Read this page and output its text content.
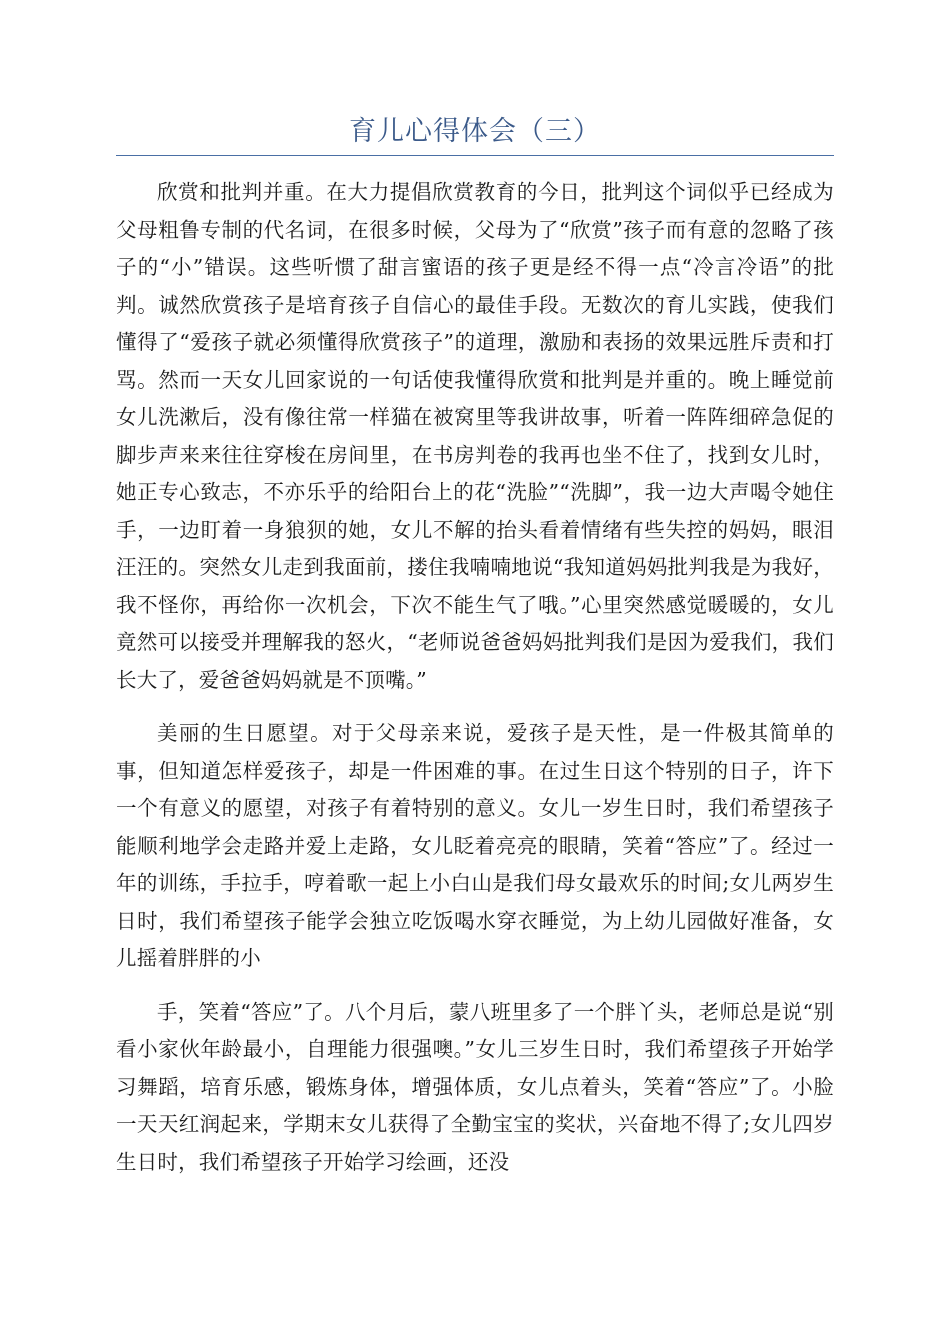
育儿心得体会（三）

欣赏和批判并重。在大力提倡欣赏教育的今日，批判这个词似乎已经成为父母粗鲁专制的代名词，在很多时候，父母为了“欣赏”孩子而有意的忽略了孩子的“小”错误。这些听惯了甜言蜜语的孩子更是经不得一点“冷言冷语”的批判。诚然欣赏孩子是培育孩子自信心的最佳手段。无数次的育儿实践，使我们懂得了“爱孩子就必须懂得欣赏孩子”的道理，激励和表扬的效果远胜斥责和打骂。然而一天女儿回家说的一句话使我懂得欣赏和批判是并重的。晚上睡觉前女儿洗漱后，没有像往常一样猫在被窝里等我讲故事，听着一阵阵细碎急促的脚步声来来往往穿梭在房间里，在书房判卷的我再也坐不住了，找到女儿时，她正专心致志，不亦乐乎的给阳台上的花“洗脸”“洗脚”，我一边大声喝令她住手，一边盯着一身狼狈的她，女儿不解的抬头看着情绪有些失控的妈妈，眼泪汪汪的。突然女儿走到我面前，搂住我喃喃地说“我知道妈妈批判我是为我好，我不怪你，再给你一次机会，下次不能生气了哦。”心里突然感觉暖暖的，女儿竟然可以接受并理解我的怒火，“老师说爸爸妈妈批判我们是因为爱我们，我们长大了，爱爸爸妈妈就是不顶嘴。”

美丽的生日愿望。对于父母亲来说，爱孩子是天性，是一件极其简单的事，但知道怎样爱孩子，却是一件困难的事。在过生日这个特别的日子，许下一个有意义的愿望，对孩子有着特别的意义。女儿一岁生日时，我们希望孩子能顺利地学会走路并爱上走路，女儿眨着亮亮的眼睛，笑着“答应”了。经过一年的训练，手拉手，哼着歌一起上小白山是我们母女最欢乐的时间;女儿两岁生日时，我们希望孩子能学会独立吃饭喝水穿衣睡觉，为上幼儿园做好准备，女儿摇着胖胖的小

手，笑着“答应”了。八个月后，蒙八班里多了一个胖丫头，老师总是说“别看小家伙年龄最小，自理能力很强噢。”女儿三岁生日时，我们希望孩子开始学习舞蹈，培育乐感，锻炼身体，增强体质，女儿点着头，笑着“答应”了。小脸一天天红润起来，学期末女儿获得了全勤宝宝的奖状，兴奋地不得了;女儿四岁生日时，我们希望孩子开始学习绘画，还没
